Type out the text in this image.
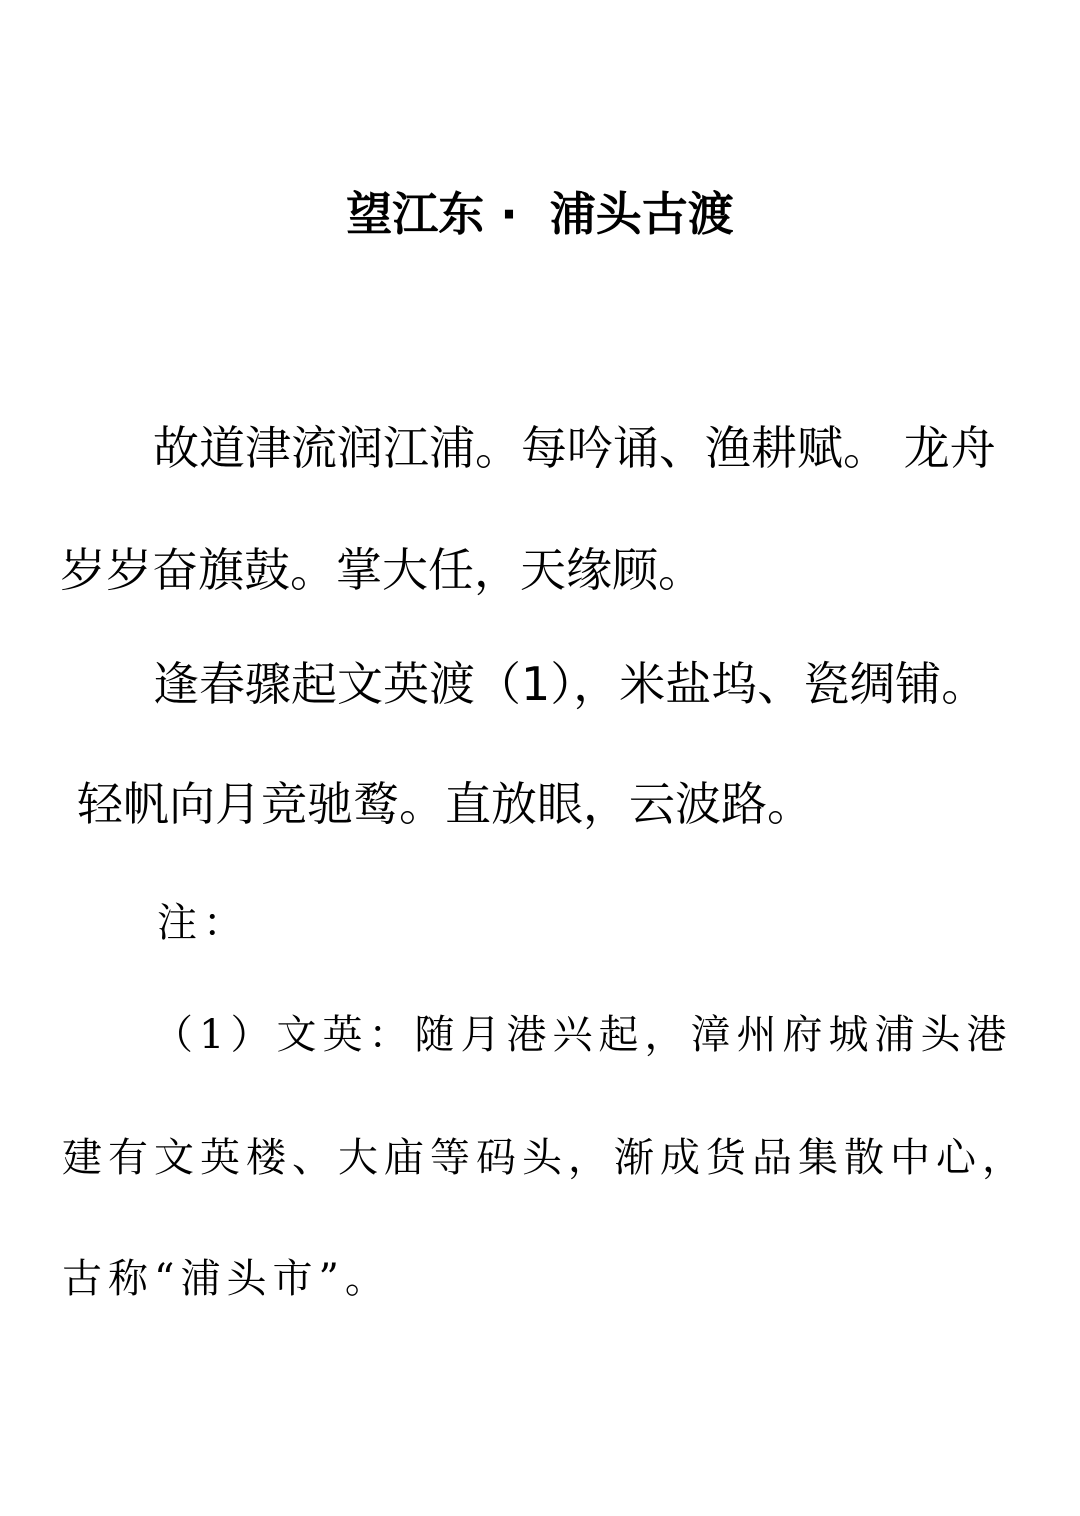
望江东 ·  浦头古渡
故道津流润江浦。每吟诵、渔耕赋。 龙舟
岁岁奋旗鼓。掌大任，天缘顾。
逢春骤起文英渡（1），米盐坞、瓷绸铺。
轻帆向月竞驰鹜。直放眼，云波路。
注：
（1）文英：随月港兴起，漳州府城浦头港
建有文英楼、大庙等码头，渐成货品集散中心，
古称“浦头市”。
